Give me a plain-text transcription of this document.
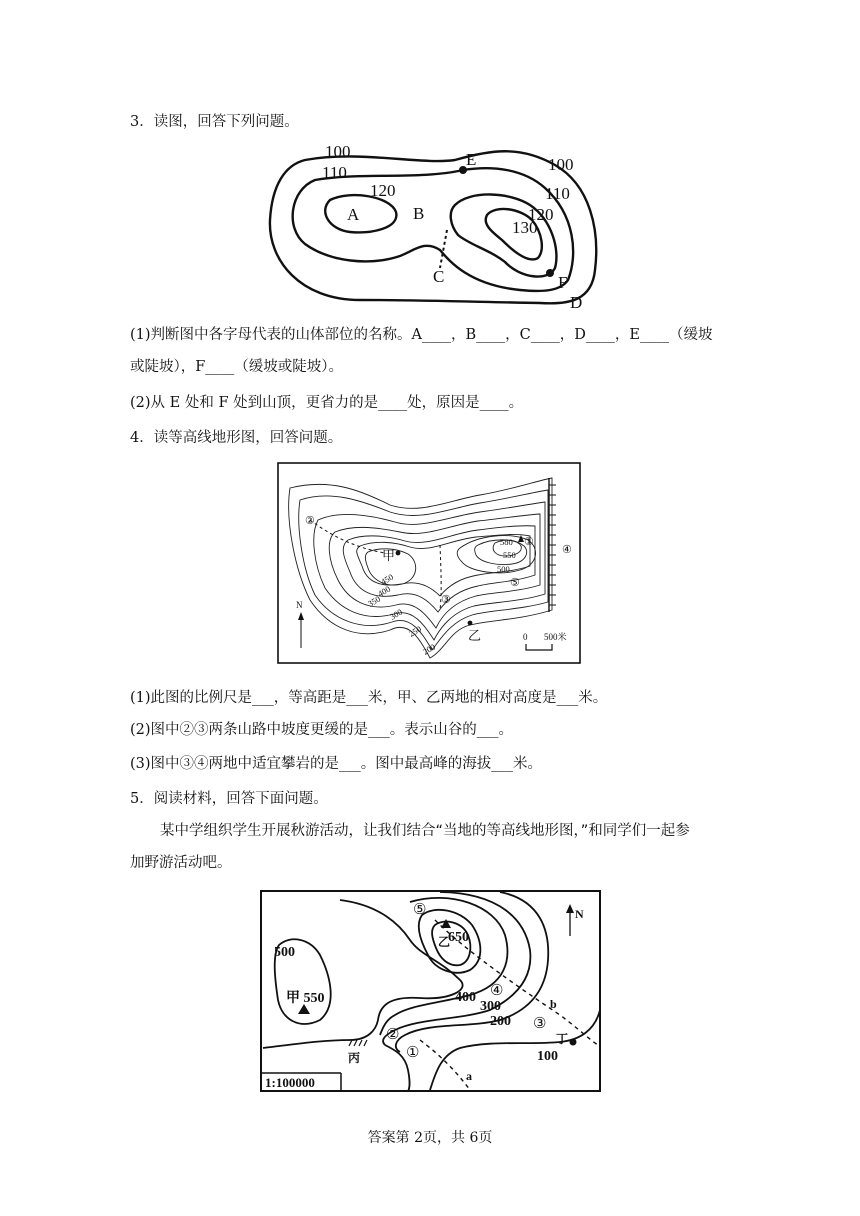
3．读图，回答下列问题。
100
110
120
100
110
120
130
A	B
C
D
E
F
(1)判断图中各字母代表的山体部位的名称。A____，B____，C____，D____，E____（缓坡
或陡坡），F____（缓坡或陡坡）。
(2)从 E 处和 F 处到山顶，更省力的是____处，原因是____。
4．读等高线地形图，回答问题。
580
550
500
450
400
350
300
250
200
甲
乙
①
②
③
④
⑤
N
0 500米
(1)此图的比例尺是___，等高距是___米，甲、乙两地的相对高度是___米。
(2)图中②③两条山路中坡度更缓的是___。表示山谷的___。
(3)图中③④两地中适宜攀岩的是___。图中最高峰的海拔___米。
5．阅读材料，回答下面问题。
某中学组织学生开展秋游活动，让我们结合“当地的等高线地形图，”和同学们一起参
加野游活动吧。
500
甲 550
650
乙
400
300
200
100
丙
丁
1:100000
①
②
③
④
⑤
a
b
N
答案第 2页，共 6页
